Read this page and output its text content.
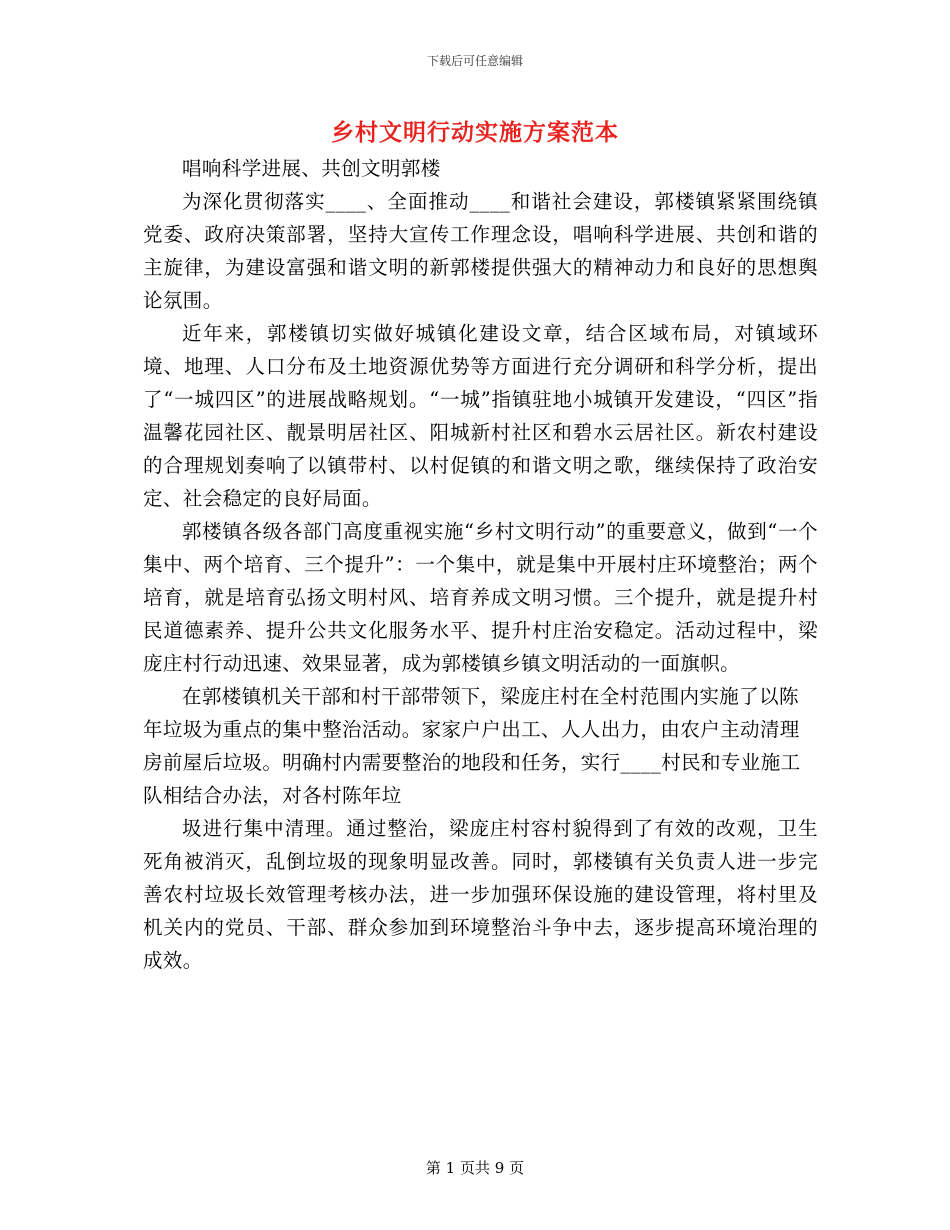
下载后可任意编辑
乡村文明行动实施方案范本

唱响科学进展、共创文明郭楼

为深化贯彻落实____、全面推动____和谐社会建设，郭楼镇紧紧围绕镇党委、政府决策部署，坚持大宣传工作理念设，唱响科学进展、共创和谐的主旋律，为建设富强和谐文明的新郭楼提供强大的精神动力和良好的思想舆论氛围。

近年来，郭楼镇切实做好城镇化建设文章，结合区域布局，对镇域环境、地理、人口分布及土地资源优势等方面进行充分调研和科学分析，提出了“一城四区”的进展战略规划。“一城”指镇驻地小城镇开发建设，“四区”指温馨花园社区、靓景明居社区、阳城新村社区和碧水云居社区。新农村建设的合理规划奏响了以镇带村、以村促镇的和谐文明之歌，继续保持了政治安定、社会稳定的良好局面。

郭楼镇各级各部门高度重视实施“乡村文明行动”的重要意义，做到“一个集中、两个培育、三个提升”：一个集中，就是集中开展村庄环境整治；两个培育，就是培育弘扬文明村风、培育养成文明习惯。三个提升，就是提升村民道德素养、提升公共文化服务水平、提升村庄治安稳定。活动过程中，梁庞庄村行动迅速、效果显著，成为郭楼镇乡镇文明活动的一面旗帜。

在郭楼镇机关干部和村干部带领下，梁庞庄村在全村范围内实施了以陈年垃圾为重点的集中整治活动。家家户户出工、人人出力，由农户主动清理房前屋后垃圾。明确村内需要整治的地段和任务，实行____村民和专业施工队相结合办法，对各村陈年垃

圾进行集中清理。通过整治，梁庞庄村容村貌得到了有效的改观，卫生死角被消灭，乱倒垃圾的现象明显改善。同时，郭楼镇有关负责人进一步完善农村垃圾长效管理考核办法，进一步加强环保设施的建设管理，将村里及机关内的党员、干部、群众参加到环境整治斗争中去，逐步提高环境治理的成效。

第 1 页共 9 页
